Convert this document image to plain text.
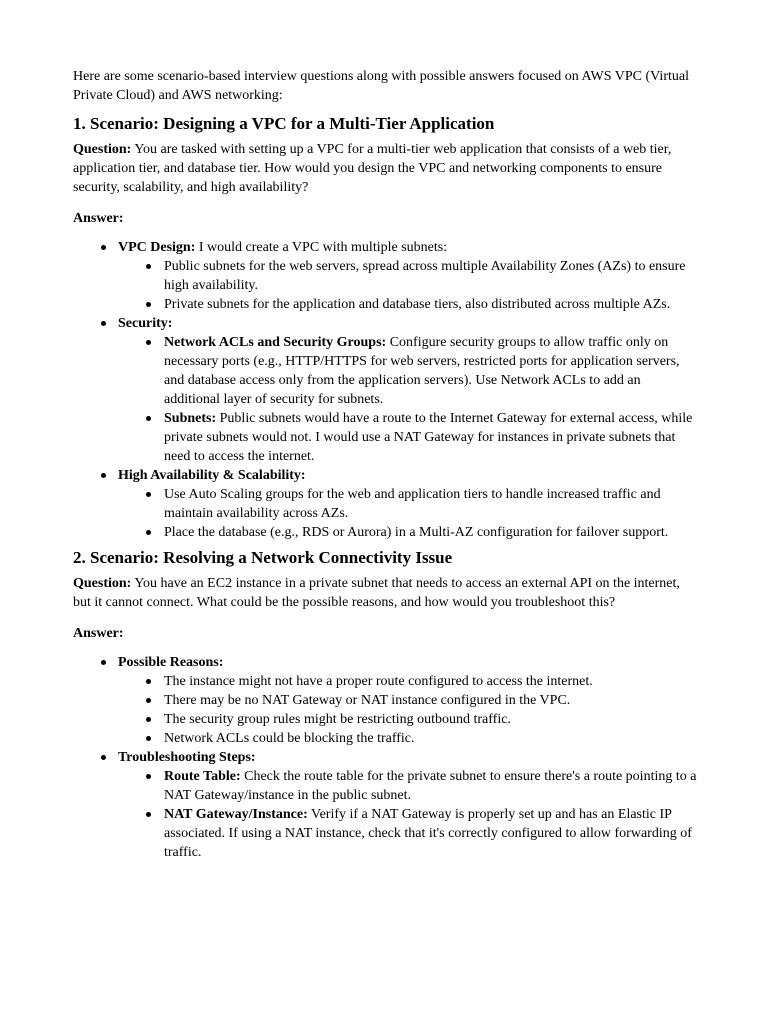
Here are some scenario-based interview questions along with possible answers focused on AWS VPC (Virtual Private Cloud) and AWS networking:

1. Scenario: Designing a VPC for a Multi-Tier Application

Question: You are tasked with setting up a VPC for a multi-tier web application that consists of a web tier, application tier, and database tier. How would you design the VPC and networking components to ensure security, scalability, and high availability?

Answer:

VPC Design: I would create a VPC with multiple subnets:
Public subnets for the web servers, spread across multiple Availability Zones (AZs) to ensure high availability.
Private subnets for the application and database tiers, also distributed across multiple AZs.
Security:
Network ACLs and Security Groups: Configure security groups to allow traffic only on necessary ports (e.g., HTTP/HTTPS for web servers, restricted ports for application servers, and database access only from the application servers). Use Network ACLs to add an additional layer of security for subnets.
Subnets: Public subnets would have a route to the Internet Gateway for external access, while private subnets would not. I would use a NAT Gateway for instances in private subnets that need to access the internet.
High Availability & Scalability:
Use Auto Scaling groups for the web and application tiers to handle increased traffic and maintain availability across AZs.
Place the database (e.g., RDS or Aurora) in a Multi-AZ configuration for failover support.
2. Scenario: Resolving a Network Connectivity Issue

Question: You have an EC2 instance in a private subnet that needs to access an external API on the internet, but it cannot connect. What could be the possible reasons, and how would you troubleshoot this?

Answer:

Possible Reasons:
The instance might not have a proper route configured to access the internet.
There may be no NAT Gateway or NAT instance configured in the VPC.
The security group rules might be restricting outbound traffic.
Network ACLs could be blocking the traffic.
Troubleshooting Steps:
Route Table: Check the route table for the private subnet to ensure there's a route pointing to a NAT Gateway/instance in the public subnet.
NAT Gateway/Instance: Verify if a NAT Gateway is properly set up and has an Elastic IP associated. If using a NAT instance, check that it's correctly configured to allow forwarding of traffic.
